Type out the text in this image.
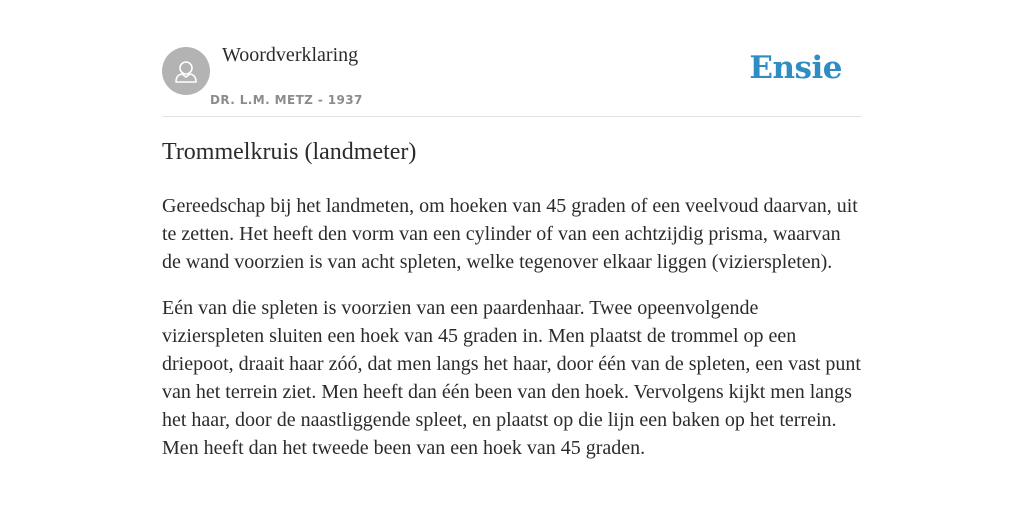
Woordverklaring
DR. L.M. METZ - 1937
Ensie
Trommelkruis (landmeter)

Gereedschap bij het landmeten, om hoeken van 45 graden of een veelvoud daarvan, uit te zetten. Het heeft den vorm van een cylinder of van een achtzijdig prisma, waarvan de wand voorzien is van acht spleten, welke tegenover elkaar liggen (vizierspleten).

Eén van die spleten is voorzien van een paardenhaar. Twee opeenvolgende vizierspleten sluiten een hoek van 45 graden in. Men plaatst de trommel op een driepoot, draait haar zóó, dat men langs het haar, door één van de spleten, een vast punt van het terrein ziet. Men heeft dan één been van den hoek. Vervolgens kijkt men langs het haar, door de naastliggende spleet, en plaatst op die lijn een baken op het terrein. Men heeft dan het tweede been van een hoek van 45 graden.
